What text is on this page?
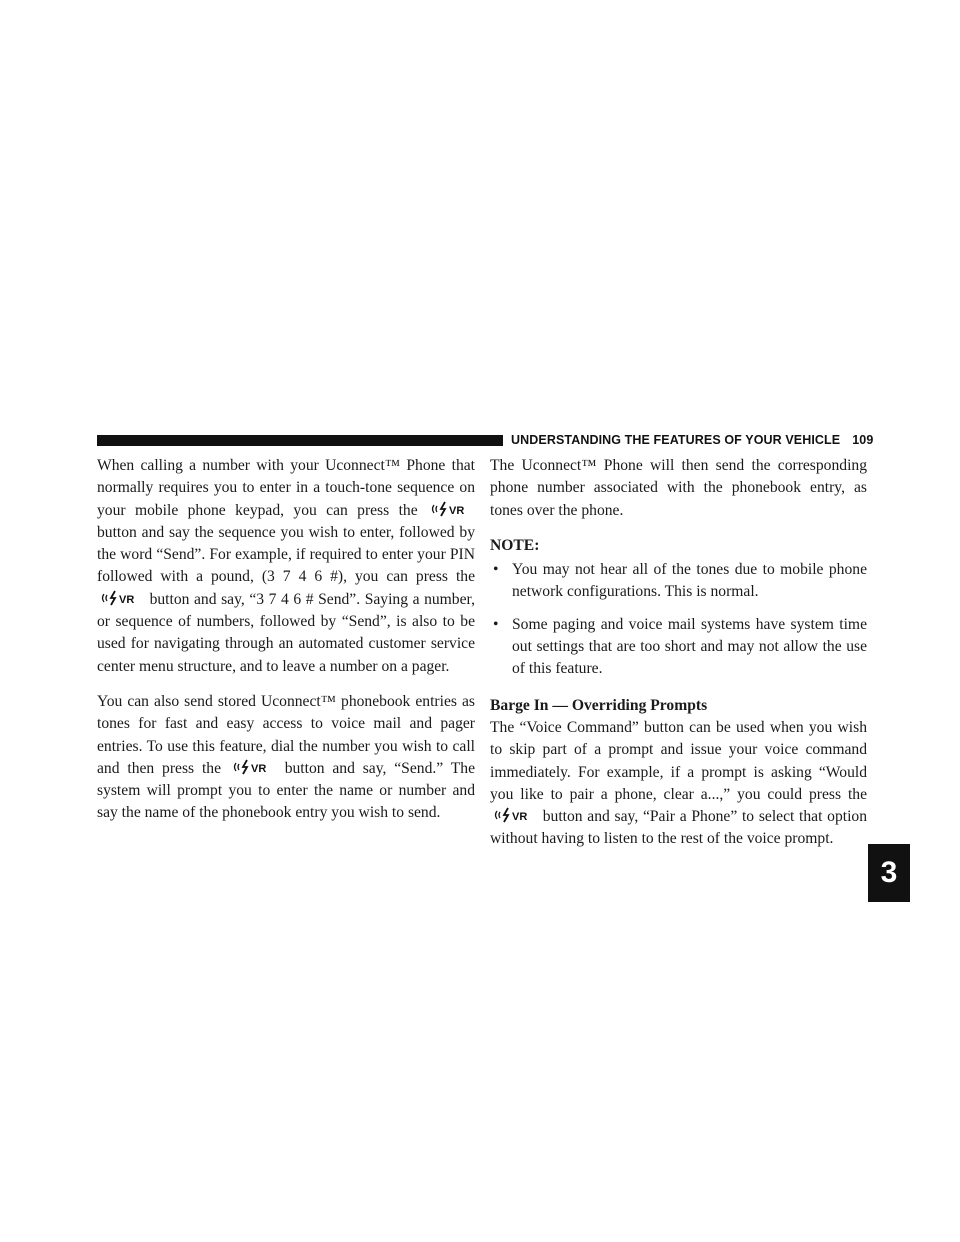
UNDERSTANDING THE FEATURES OF YOUR VEHICLE 109
3

When calling a number with your Uconnect™ Phone that normally requires you to enter in a touch-tone sequence on your mobile phone keypad, you can press the	VR
button and say the sequence you wish to enter, followed by the word “Send”. For example, if required to enter your PIN followed with a pound, (3 7 4 6 #), you can press the
VR button and say, “3 7 4 6 # Send”. Saying a number, or sequence of numbers, followed by “Send”, is also to be used for navigating through an automated customer service center menu structure, and to leave a number on a pager.

You can also send stored Uconnect™ phonebook entries as tones for fast and easy access to voice mail and pager entries. To use this feature, dial the number you wish to call and then press the	VR button and say, “Send.” The system will prompt you to enter the name or number and say the name of the phonebook entry you wish to send.

The Uconnect™ Phone will then send the corresponding phone number associated with the phonebook entry, as tones over the phone.

NOTE:
• You may not hear all of the tones due to mobile phone network configurations. This is normal.
• Some paging and voice mail systems have system time out settings that are too short and may not allow the use of this feature.
Barge In — Overriding Prompts

The “Voice Command” button can be used when you wish to skip part of a prompt and issue your voice command immediately. For example, if a prompt is asking “Would you like to pair a phone, clear a...,” you could press the
VR button and say, “Pair a Phone” to select that option without having to listen to the rest of the voice prompt.
